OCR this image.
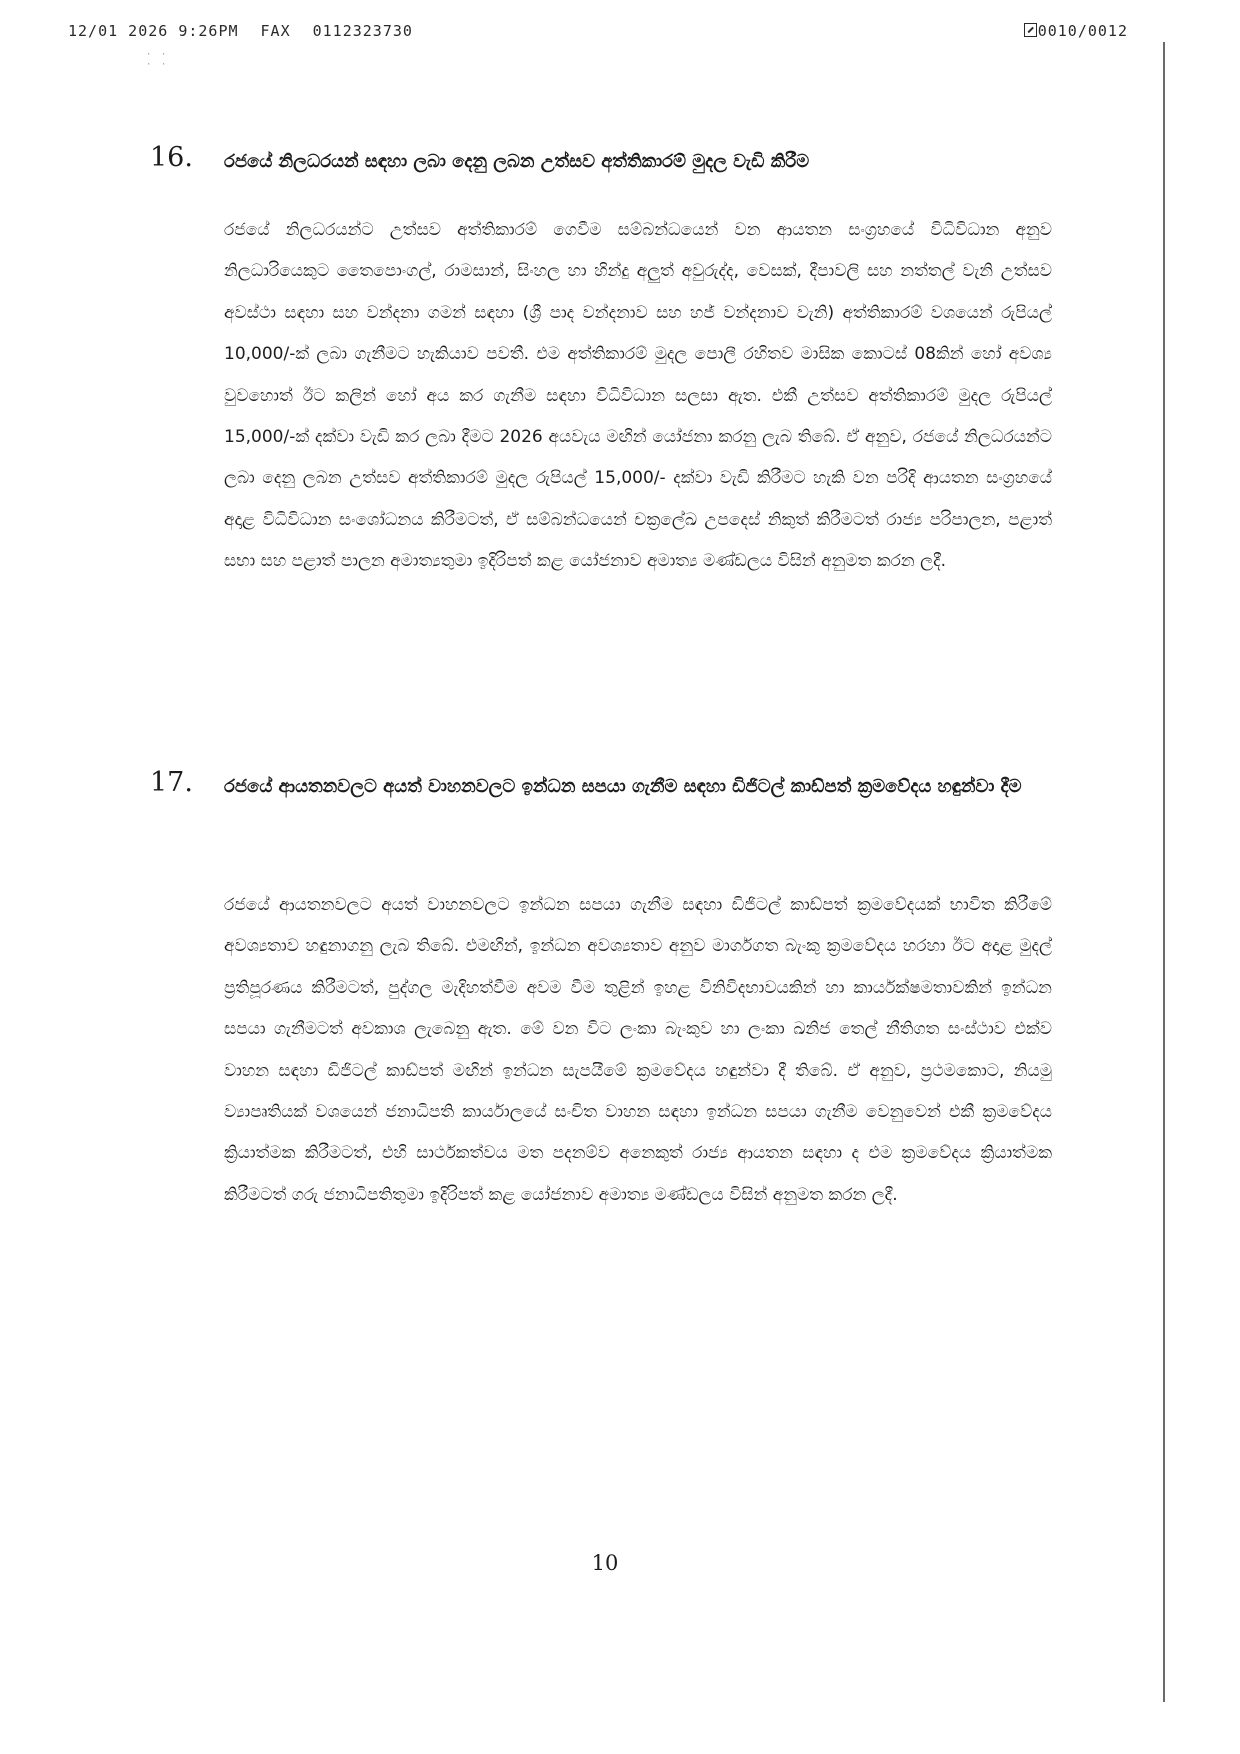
12/01 2026 9:26PM FAX 0112323730	0010/0012
· ·
· ·
16. රජයේ නිලධරයන් සඳහා ලබා දෙනු ලබන උත්සව අත්තිකාරම් මුදල වැඩි කිරීම
රජයේ නිලධරයන්ට උත්සව අත්තිකාරම් ගෙවීම සම්බන්ධයෙන් වන ආයතන සංග්‍රහයේ විධිවිධාන අනුව නිලධාරියෙකුට තෛපොංගල්, රාමසාන්, සිංහල හා හින්දු අලුත් අවුරුද්ද, වෙසක්, දීපාවලි සහ නත්තල් වැනි උත්සව අවස්ථා සඳහා සහ වන්දනා ගමන් සඳහා (ශ්‍රී පාද වන්දනාව සහ හජ් වන්දනාව වැනි) අත්තිකාරම් වශයෙන් රුපියල් 10,000/-ක් ලබා ගැනීමට හැකියාව පවතී. එම අත්තිකාරම් මුදල පොලී රහිතව මාසික කොටස් 08කින් හෝ අවශ්‍ය වුවහොත් ඊට කලින් හෝ අය කර ගැනීම සඳහා විධිවිධාන සලසා ඇත. එකී උත්සව අත්තිකාරම් මුදල රුපියල් 15,000/-ක් දක්වා වැඩි කර ලබා දීමට 2026 අයවැය මඟින් යෝජනා කරනු ලැබ තිබේ. ඒ අනුව, රජයේ නිලධරයන්ට ලබා දෙනු ලබන උත්සව අත්තිකාරම් මුදල රුපියල් 15,000/- දක්වා වැඩි කිරීමට හැකි වන පරිදි ආයතන සංග්‍රහයේ අදාළ විධිවිධාන සංශෝධනය කිරීමටත්, ඒ සම්බන්ධයෙන් චක්‍රලේඛ උපදෙස් නිකුත් කිරීමටත් රාජ්‍ය පරිපාලන, පළාත් සභා සහ පළාත් පාලන අමාත්‍යතුමා ඉදිරිපත් කළ යෝජනාව අමාත්‍ය මණ්ඩලය විසින් අනුමත කරන ලදී.
17. රජයේ ආයතනවලට අයත් වාහනවලට ඉන්ධන සපයා ගැනීම සඳහා ඩිජිටල් කාඩ්පත් ක්‍රමවේදය හඳුන්වා දීම
රජයේ ආයතනවලට අයත් වාහනවලට ඉන්ධන සපයා ගැනීම සඳහා ඩිජිටල් කාඩ්පත් ක්‍රමවේදයක් භාවිත කිරීමේ අවශ්‍යතාව හඳුනාගනු ලැබ තිබේ. එමඟින්, ඉන්ධන අවශ්‍යතාව අනුව මාර්ගගත බැංකු ක්‍රමවේදය හරහා ඊට අදාළ මුදල් ප්‍රතිපූරණය කිරීමටත්, පුද්ගල මැදිහත්වීම අවම වීම තුළින් ඉහළ විනිවිදභාවයකින් හා කාර්යක්ෂමතාවකින් ඉන්ධන සපයා ගැනීමටත් අවකාශ ලැබෙනු ඇත. මේ වන විට ලංකා බැංකුව හා ලංකා ඛනිජ තෙල් නීතිගත සංස්ථාව එක්ව වාහන සඳහා ඩිජිටල් කාඩ්පත් මඟින් ඉන්ධන සැපයීමේ ක්‍රමවේදය හඳුන්වා දී තිබේ. ඒ අනුව, ප්‍රථමකොට, නියමු ව්‍යාපෘතියක් වශයෙන් ජනාධිපති කාර්යාලයේ සංචිත වාහන සඳහා ඉන්ධන සපයා ගැනීම වෙනුවෙන් එකී ක්‍රමවේදය ක්‍රියාත්මක කිරීමටත්, එහි සාර්ථකත්වය මත පදනම්ව අනෙකුත් රාජ්‍ය ආයතන සඳහා ද එම ක්‍රමවේදය ක්‍රියාත්මක කිරීමටත් ගරු ජනාධිපතිතුමා ඉදිරිපත් කළ යෝජනාව අමාත්‍ය මණ්ඩලය විසින් අනුමත කරන ලදී.
10
